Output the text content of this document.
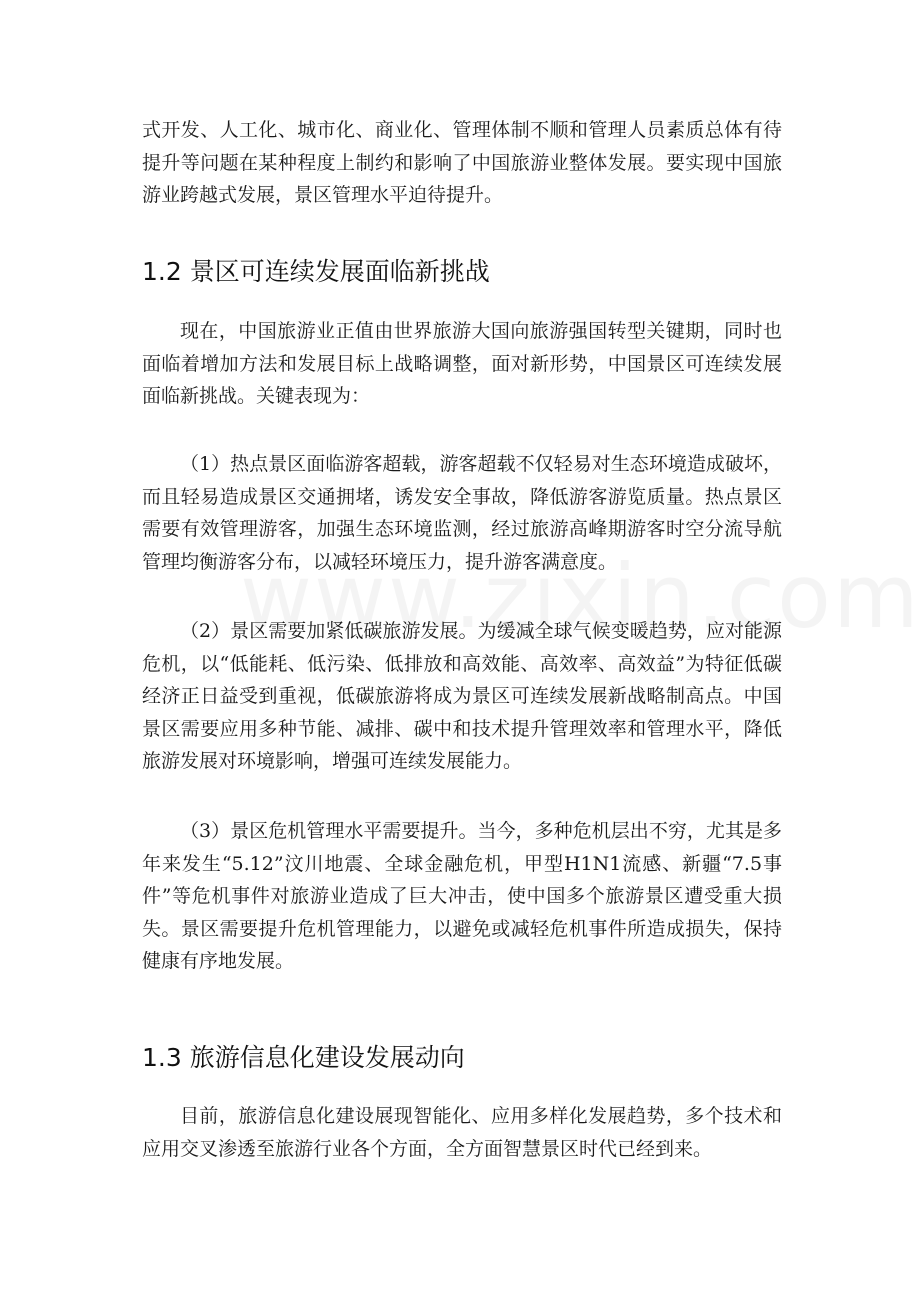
式开发、人工化、城市化、商业化、管理体制不顺和管理人员素质总体有待提升等问题在某种程度上制约和影响了中国旅游业整体发展。要实现中国旅游业跨越式发展，景区管理水平迫待提升。

1.2 景区可连续发展面临新挑战

现在，中国旅游业正值由世界旅游大国向旅游强国转型关键期，同时也面临着增加方法和发展目标上战略调整，面对新形势，中国景区可连续发展面临新挑战。关键表现为：

（1）热点景区面临游客超载，游客超载不仅轻易对生态环境造成破坏，而且轻易造成景区交通拥堵，诱发安全事故，降低游客游览质量。热点景区需要有效管理游客，加强生态环境监测，经过旅游高峰期游客时空分流导航管理均衡游客分布，以减轻环境压力，提升游客满意度。

（2）景区需要加紧低碳旅游发展。为缓减全球气候变暖趋势，应对能源危机，以“低能耗、低污染、低排放和高效能、高效率、高效益”为特征低碳经济正日益受到重视，低碳旅游将成为景区可连续发展新战略制高点。中国景区需要应用多种节能、减排、碳中和技术提升管理效率和管理水平，降低旅游发展对环境影响，增强可连续发展能力。

（3）景区危机管理水平需要提升。当今，多种危机层出不穷，尤其是多年来发生“5.12”汶川地震、全球金融危机，甲型H1N1流感、新疆“7.5事件”等危机事件对旅游业造成了巨大冲击，使中国多个旅游景区遭受重大损失。景区需要提升危机管理能力，以避免或减轻危机事件所造成损失，保持健康有序地发展。

1.3 旅游信息化建设发展动向

目前，旅游信息化建设展现智能化、应用多样化发展趋势，多个技术和应用交叉渗透至旅游行业各个方面，全方面智慧景区时代已经到来。
